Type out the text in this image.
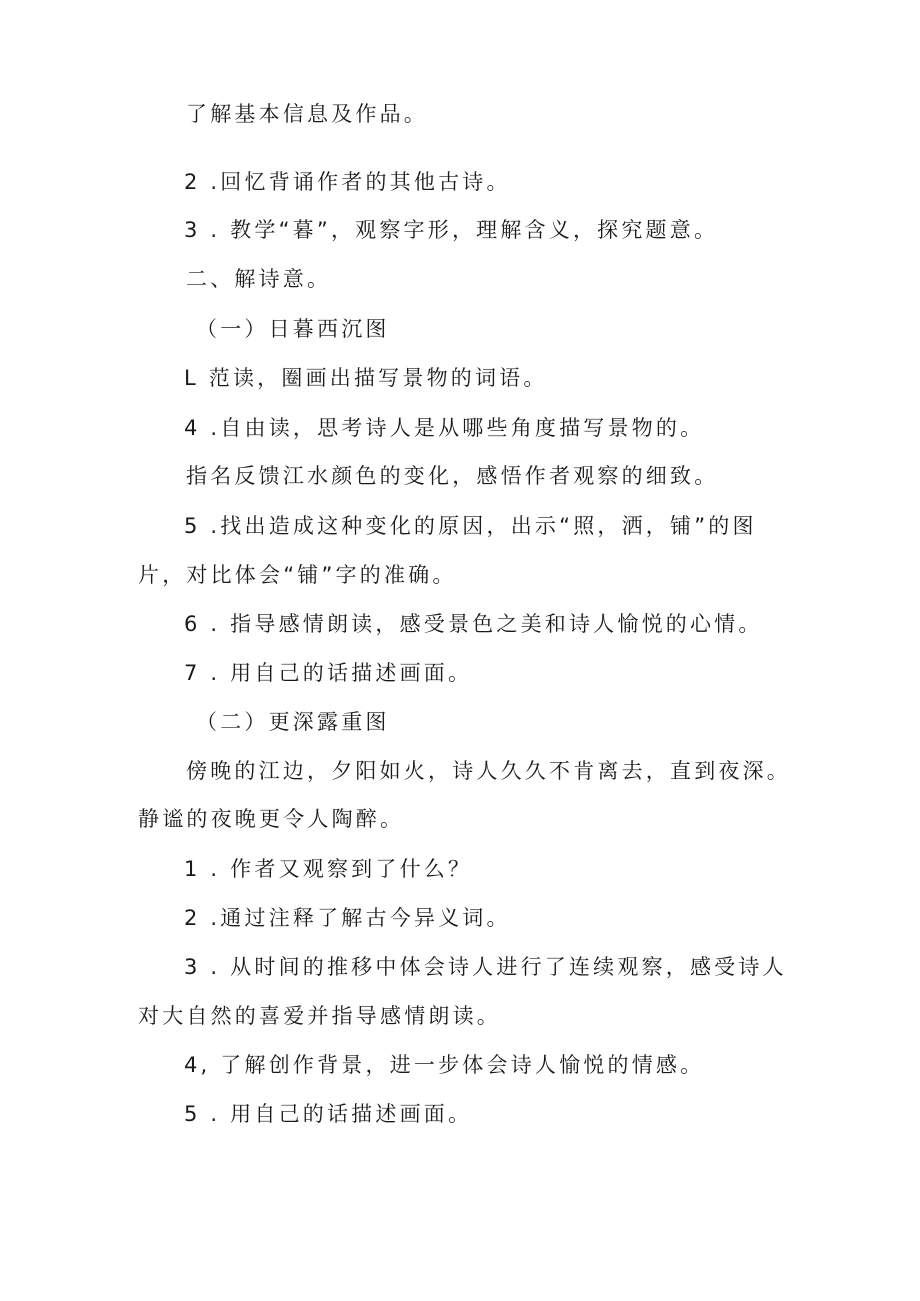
了解基本信息及作品。
2 .回忆背诵作者的其他古诗。
3 . 教学“暮”，观察字形，理解含义，探究题意。
二、解诗意。
（一）日暮西沉图
L 范读，圈画出描写景物的词语。
4 .自由读，思考诗人是从哪些角度描写景物的。
指名反馈江水颜色的变化，感悟作者观察的细致。
5 .找出造成这种变化的原因，出示“照，洒，铺”的图
片，对比体会“铺”字的准确。
6 . 指导感情朗读，感受景色之美和诗人愉悦的心情。
7 . 用自己的话描述画面。
（二）更深露重图
傍晚的江边，夕阳如火，诗人久久不肯离去，直到夜深。
静谧的夜晚更令人陶醉。
1 . 作者又观察到了什么？
2 .通过注释了解古今异义词。
3 . 从时间的推移中体会诗人进行了连续观察，感受诗人
对大自然的喜爱并指导感情朗读。
4, 了解创作背景，进一步体会诗人愉悦的情感。
5 . 用自己的话描述画面。
